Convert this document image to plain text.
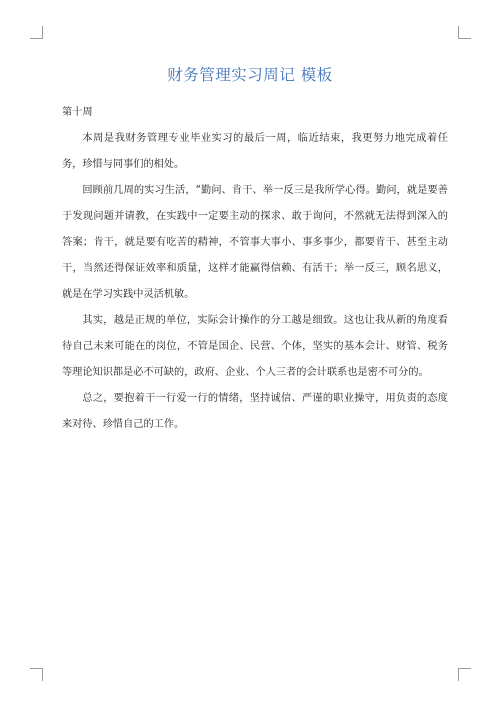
财务管理实习周记 模板

第十周

本周是我财务管理专业毕业实习的最后一周，临近结束，我更努力地完成着任务，珍惜与同事们的相处。

回顾前几周的实习生活，“勤问、肯干、举一反三是我所学心得。勤问，就是要善于发现问题并请教，在实践中一定要主动的探求、敢于询问，不然就无法得到深入的答案；肯干，就是要有吃苦的精神，不管事大事小、事多事少，都要肯干、甚至主动干，当然还得保证效率和质量，这样才能赢得信赖、有活干；举一反三，顾名思义，就是在学习实践中灵活机敏。

其实，越是正规的单位，实际会计操作的分工越是细致。这也让我从新的角度看待自己未来可能在的岗位，不管是国企、民营、个体，坚实的基本会计、财管、税务等理论知识都是必不可缺的，政府、企业、个人三者的会计联系也是密不可分的。

总之，要抱着干一行爱一行的情绪，坚持诚信、严谨的职业操守，用负责的态度来对待、珍惜自己的工作。
